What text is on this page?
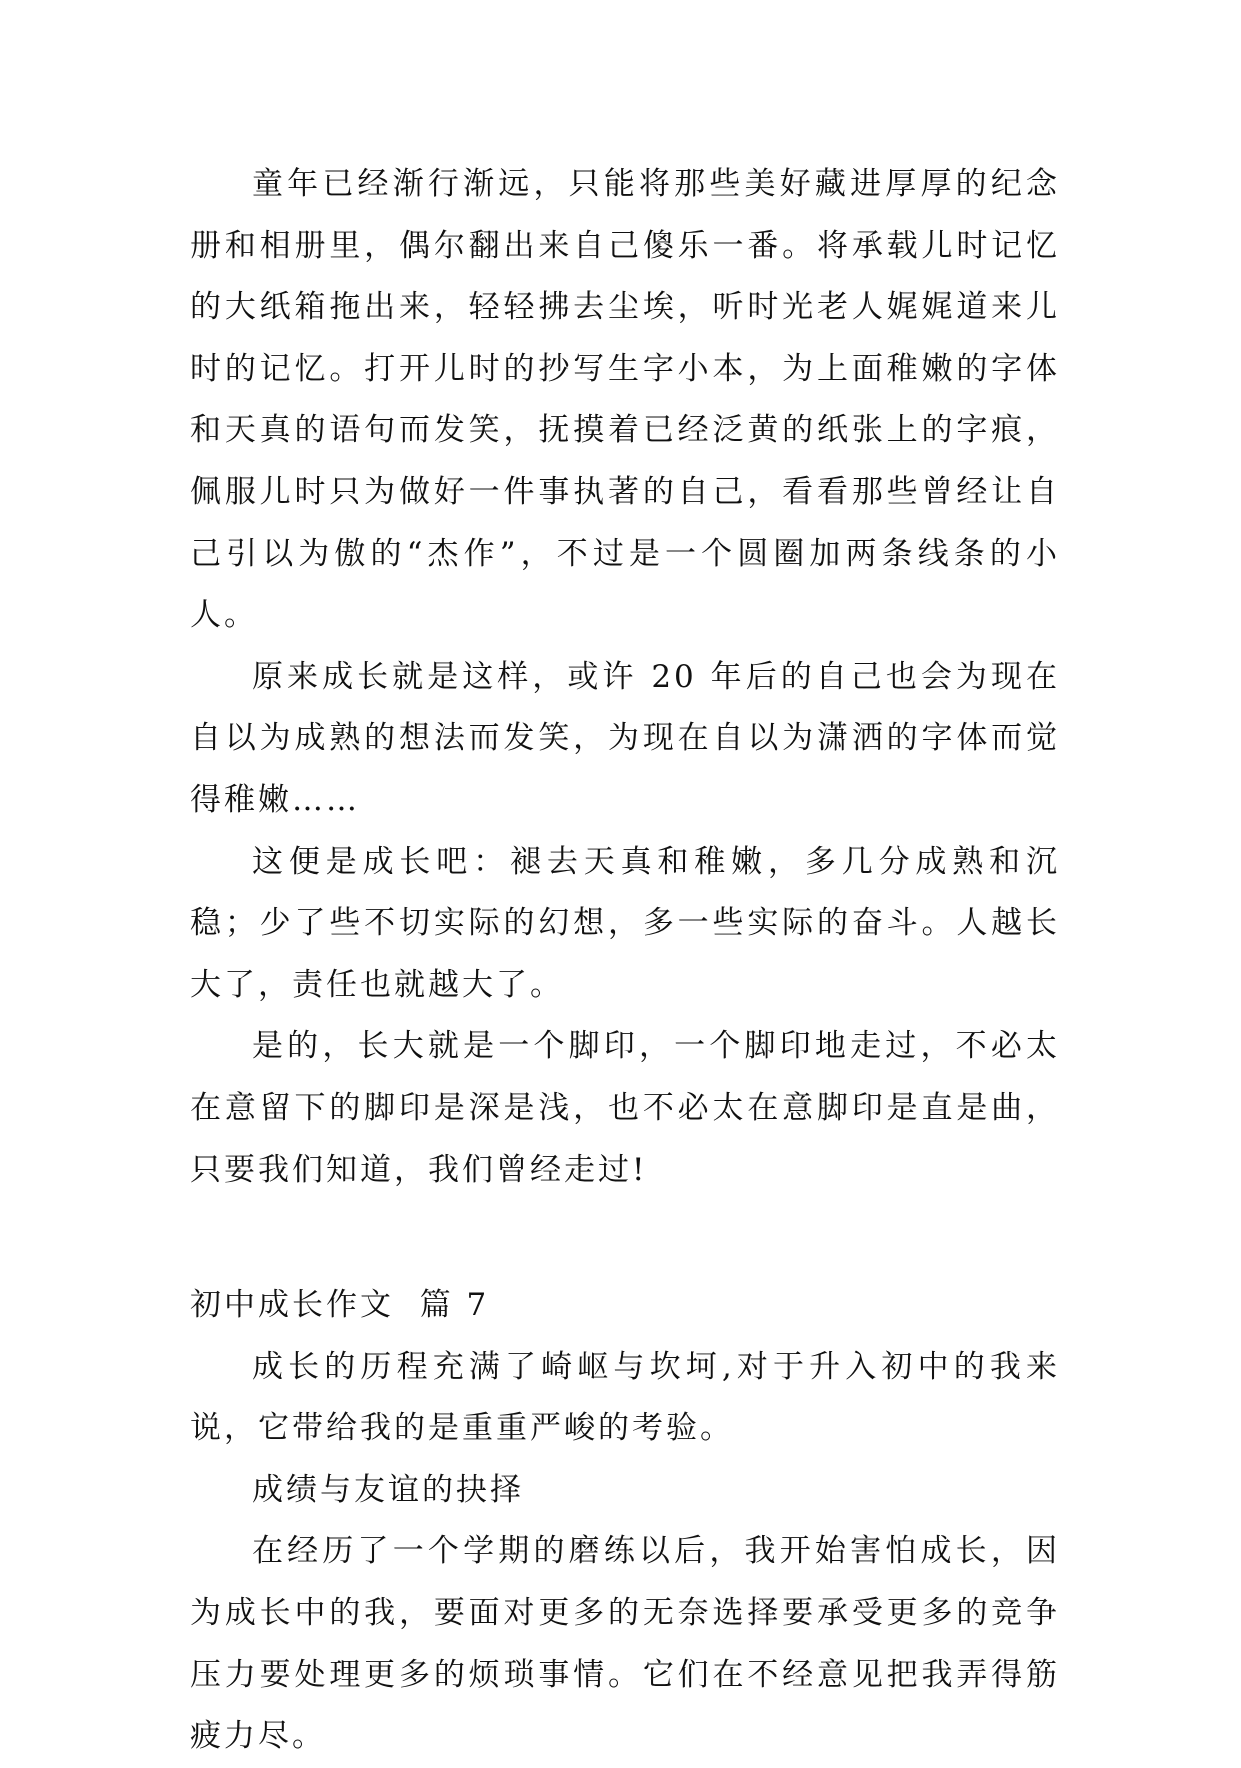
童年已经渐行渐远，只能将那些美好藏进厚厚的纪念册和相册里，偶尔翻出来自己傻乐一番。将承载儿时记忆的大纸箱拖出来，轻轻拂去尘埃，听时光老人娓娓道来儿时的记忆。打开儿时的抄写生字小本，为上面稚嫩的字体和天真的语句而发笑，抚摸着已经泛黄的纸张上的字痕，佩服儿时只为做好一件事执著的自己，看看那些曾经让自己引以为傲的“杰作”，不过是一个圆圈加两条线条的小人。

原来成长就是这样，或许 20 年后的自己也会为现在自以为成熟的想法而发笑，为现在自以为潇洒的字体而觉得稚嫩……

这便是成长吧：褪去天真和稚嫩，多几分成熟和沉稳；少了些不切实际的幻想，多一些实际的奋斗。人越长大了，责任也就越大了。

是的，长大就是一个脚印，一个脚印地走过，不必太在意留下的脚印是深是浅，也不必太在意脚印是直是曲，只要我们知道，我们曾经走过!

初中成长作文  篇 7

成长的历程充满了崎岖与坎坷,对于升入初中的我来说，它带给我的是重重严峻的考验。

成绩与友谊的抉择

在经历了一个学期的磨练以后，我开始害怕成长，因为成长中的我，要面对更多的无奈选择要承受更多的竞争压力要处理更多的烦琐事情。它们在不经意见把我弄得筋疲力尽。
